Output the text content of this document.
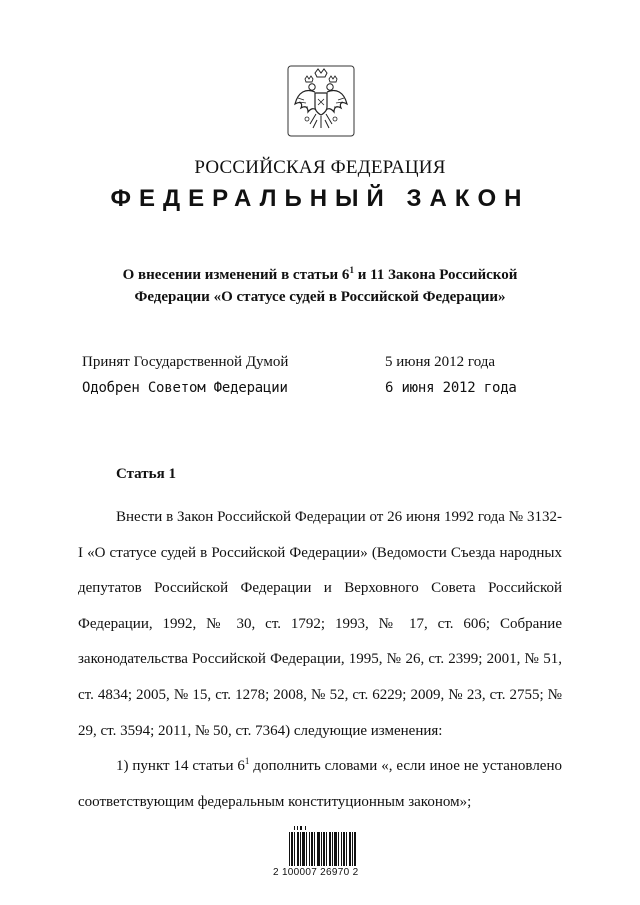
РОССИЙСКАЯ ФЕДЕРАЦИЯ
ФЕДЕРАЛЬНЫЙ ЗАКОН
О внесении изменений в статьи $6^1$ и 11 Закона Российской
Федерации «О статусе судей в Российской Федерации»
Принят Государственной Думой	5 июня 2012 года
Одобрен Советом Федерации	6 июня 2012 года
Статья 1

Внести в Закон Российской Федерации от 26 июня 1992 года № 3132-I «О статусе судей в Российской Федерации» (Ведомости Съезда народных депутатов Российской Федерации и Верховного Совета Российской Федерации, 1992, № 30, ст. 1792; 1993, № 17, ст. 606; Собрание законодательства Российской Федерации, 1995, № 26, ст. 2399; 2001, № 51, ст. 4834; 2005, № 15, ст. 1278; 2008, № 52, ст. 6229; 2009, № 23, ст. 2755; № 29, ст. 3594; 2011, № 50, ст. 7364) следующие изменения:

1) пункт 14 статьи $6^1$ дополнить словами «, если иное не установлено соответствующим федеральным конституционным законом»;

2 100007 26970 2
